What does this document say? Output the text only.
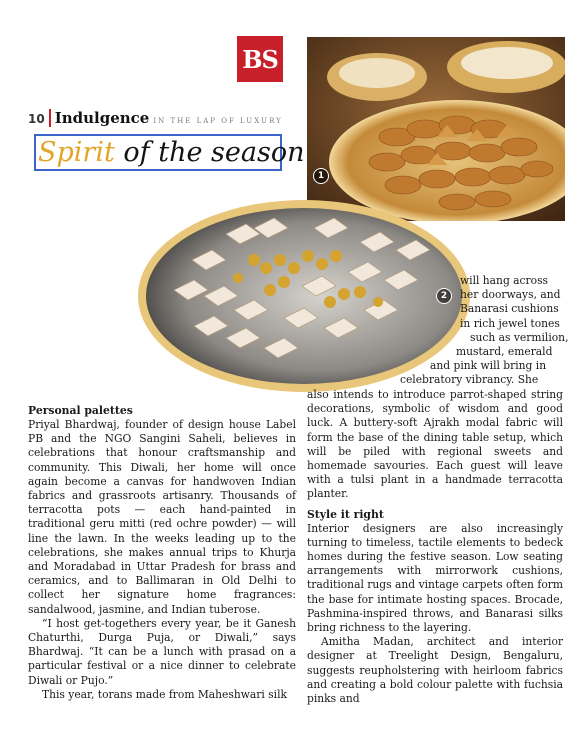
BS
10 Indulgence IN THE LAP OF LUXURY
Spirit of the season
1
2
Personal palettes

Priyal Bhardwaj, founder of design house Label PB and the NGO Sangini Saheli, believes in celebrations that honour craftsmanship and community. This Diwali, her home will once again become a canvas for handwoven Indian fabrics and grassroots artisanry. Thousands of terracotta pots — each hand-painted in traditional geru mitti (red ochre powder) — will line the lawn. In the weeks leading up to the celebrations, she makes annual trips to Khurja and Moradabad in Uttar Pradesh for brass and ceramics, and to Ballimaran in Old Delhi to collect her signature home fragrances: sandalwood, jasmine, and Indian tuberose.

“I host get-togethers every year, be it Ganesh Chaturthi, Durga Puja, or Diwali,” says Bhardwaj. “It can be a lunch with prasad on a particular festival or a nice dinner to celebrate Diwali or Pujo.”

This year, torans made from Maheshwari silk

will hang across

her doorways, and

Banarasi cushions

in rich jewel tones

such as vermilion,

mustard, emerald

and pink will bring in

celebratory vibrancy. She

also intends to introduce parrot-shaped string decorations, symbolic of wisdom and good luck. A buttery-soft Ajrakh modal fabric will form the base of the dining table setup, which will be piled with regional sweets and homemade savouries. Each guest will leave with a tulsi plant in a handmade terracotta planter.

Style it right

Interior designers are also increasingly turning to timeless, tactile elements to bedeck homes during the festive season. Low seating arrangements with mirrorwork cushions, traditional rugs and vintage carpets often form the base for intimate hosting spaces. Brocade, Pashmina-inspired throws, and Banarasi silks bring richness to the layering.

Amitha Madan, architect and interior designer at Treelight Design, Bengaluru, suggests reupholstering with heirloom fabrics and creating a bold colour palette with fuchsia pinks and
